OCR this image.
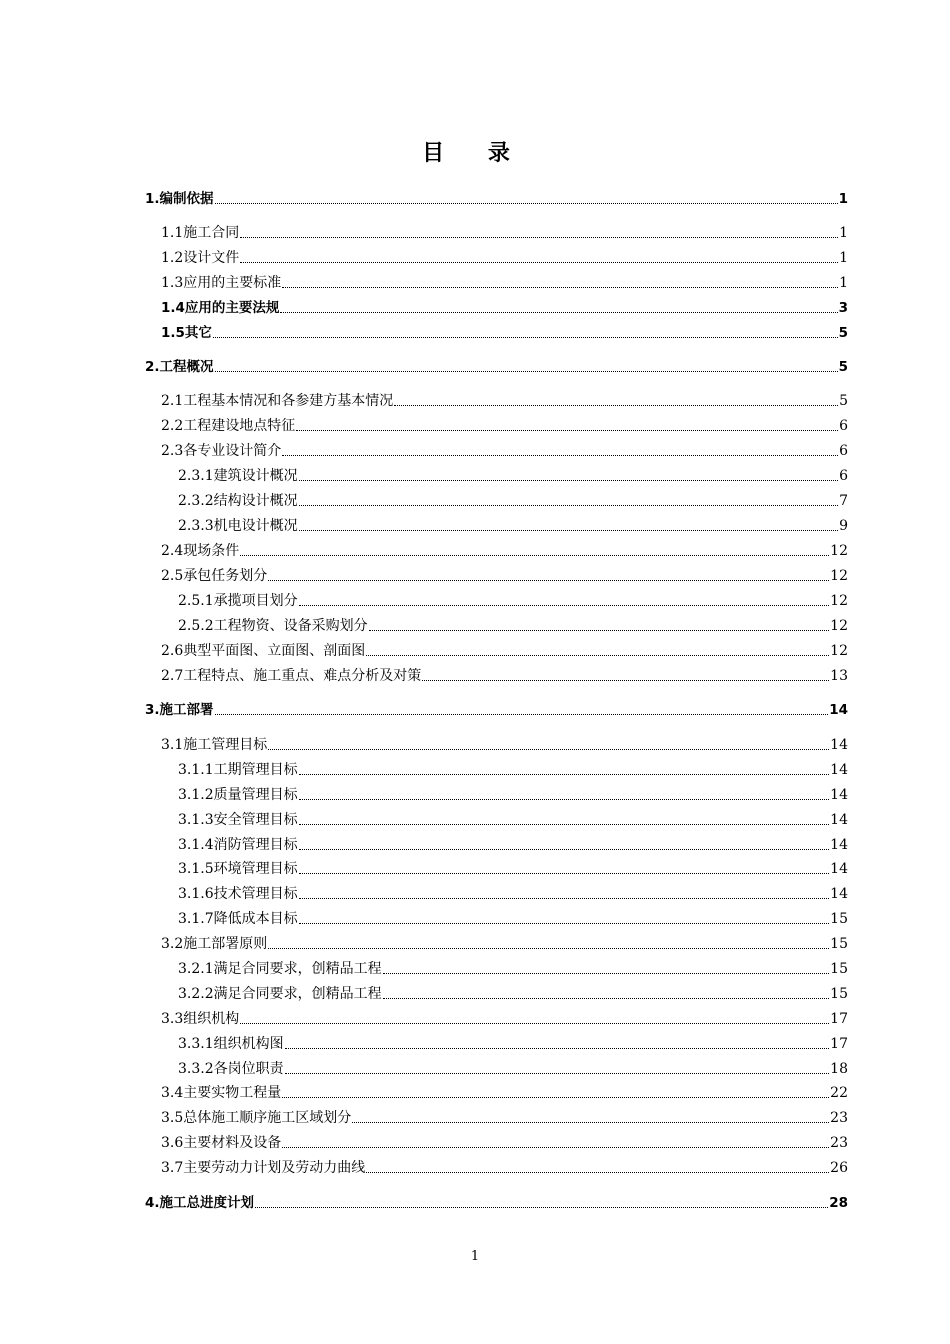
目 录
1.编制依据	1
1.1施工合同	1
1.2设计文件	1
1.3应用的主要标准	1
1.4应用的主要法规	3
1.5其它	5
2.工程概况	5
2.1工程基本情况和各参建方基本情况	5
2.2工程建设地点特征	6
2.3各专业设计简介	6
2.3.1建筑设计概况	6
2.3.2结构设计概况	7
2.3.3机电设计概况	9
2.4现场条件	12
2.5承包任务划分	12
2.5.1承揽项目划分	12
2.5.2工程物资、设备采购划分	12
2.6典型平面图、立面图、剖面图	12
2.7工程特点、施工重点、难点分析及对策	13
3.施工部署	14
3.1施工管理目标	14
3.1.1工期管理目标	14
3.1.2质量管理目标	14
3.1.3安全管理目标	14
3.1.4消防管理目标	14
3.1.5环境管理目标	14
3.1.6技术管理目标	14
3.1.7降低成本目标	15
3.2施工部署原则	15
3.2.1满足合同要求，创精品工程	15
3.2.2满足合同要求，创精品工程	15
3.3组织机构	17
3.3.1组织机构图	17
3.3.2各岗位职责	18
3.4主要实物工程量	22
3.5总体施工顺序施工区域划分	23
3.6主要材料及设备	23
3.7主要劳动力计划及劳动力曲线	26
4.施工总进度计划	28
1
